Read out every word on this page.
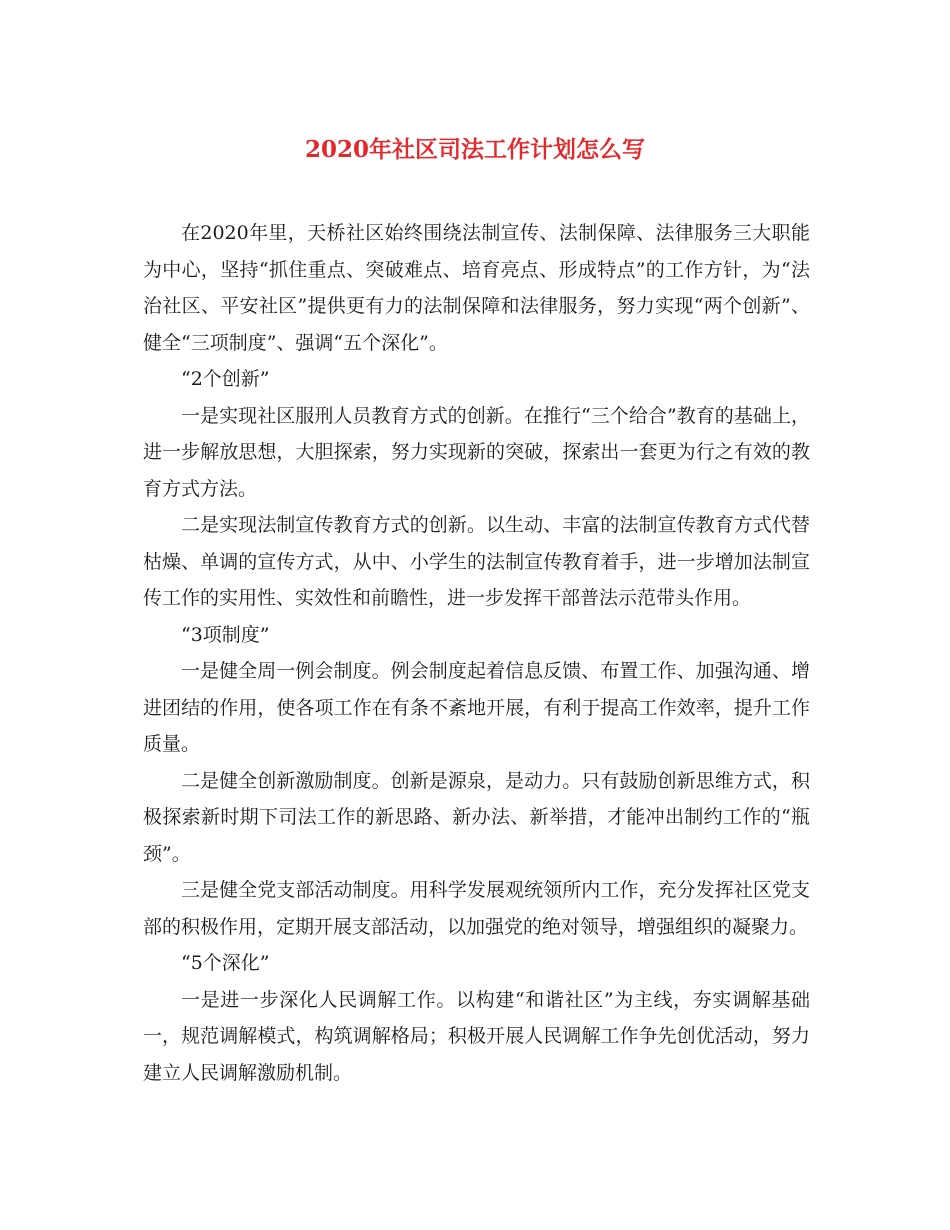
2020年社区司法工作计划怎么写

在2020年里，天桥社区始终围绕法制宣传、法制保障、法律服务三大职能为中心，坚持“抓住重点、突破难点、培育亮点、形成特点”的工作方针，为“法治社区、平安社区”提供更有力的法制保障和法律服务，努力实现“两个创新”、健全“三项制度”、强调“五个深化”。

“2个创新”

一是实现社区服刑人员教育方式的创新。在推行“三个给合”教育的基础上，进一步解放思想，大胆探索，努力实现新的突破，探索出一套更为行之有效的教育方式方法。

二是实现法制宣传教育方式的创新。以生动、丰富的法制宣传教育方式代替枯燥、单调的宣传方式，从中、小学生的法制宣传教育着手，进一步增加法制宣传工作的实用性、实效性和前瞻性，进一步发挥干部普法示范带头作用。

“3项制度”

一是健全周一例会制度。例会制度起着信息反馈、布置工作、加强沟通、增进团结的作用，使各项工作在有条不紊地开展，有利于提高工作效率，提升工作质量。

二是健全创新激励制度。创新是源泉，是动力。只有鼓励创新思维方式，积极探索新时期下司法工作的新思路、新办法、新举措，才能冲出制约工作的“瓶颈”。

三是健全党支部活动制度。用科学发展观统领所内工作，充分发挥社区党支部的积极作用，定期开展支部活动，以加强党的绝对领导，增强组织的凝聚力。

“5个深化”

一是进一步深化人民调解工作。以构建“和谐社区”为主线，夯实调解基础一，规范调解模式，构筑调解格局；积极开展人民调解工作争先创优活动，努力建立人民调解激励机制。
